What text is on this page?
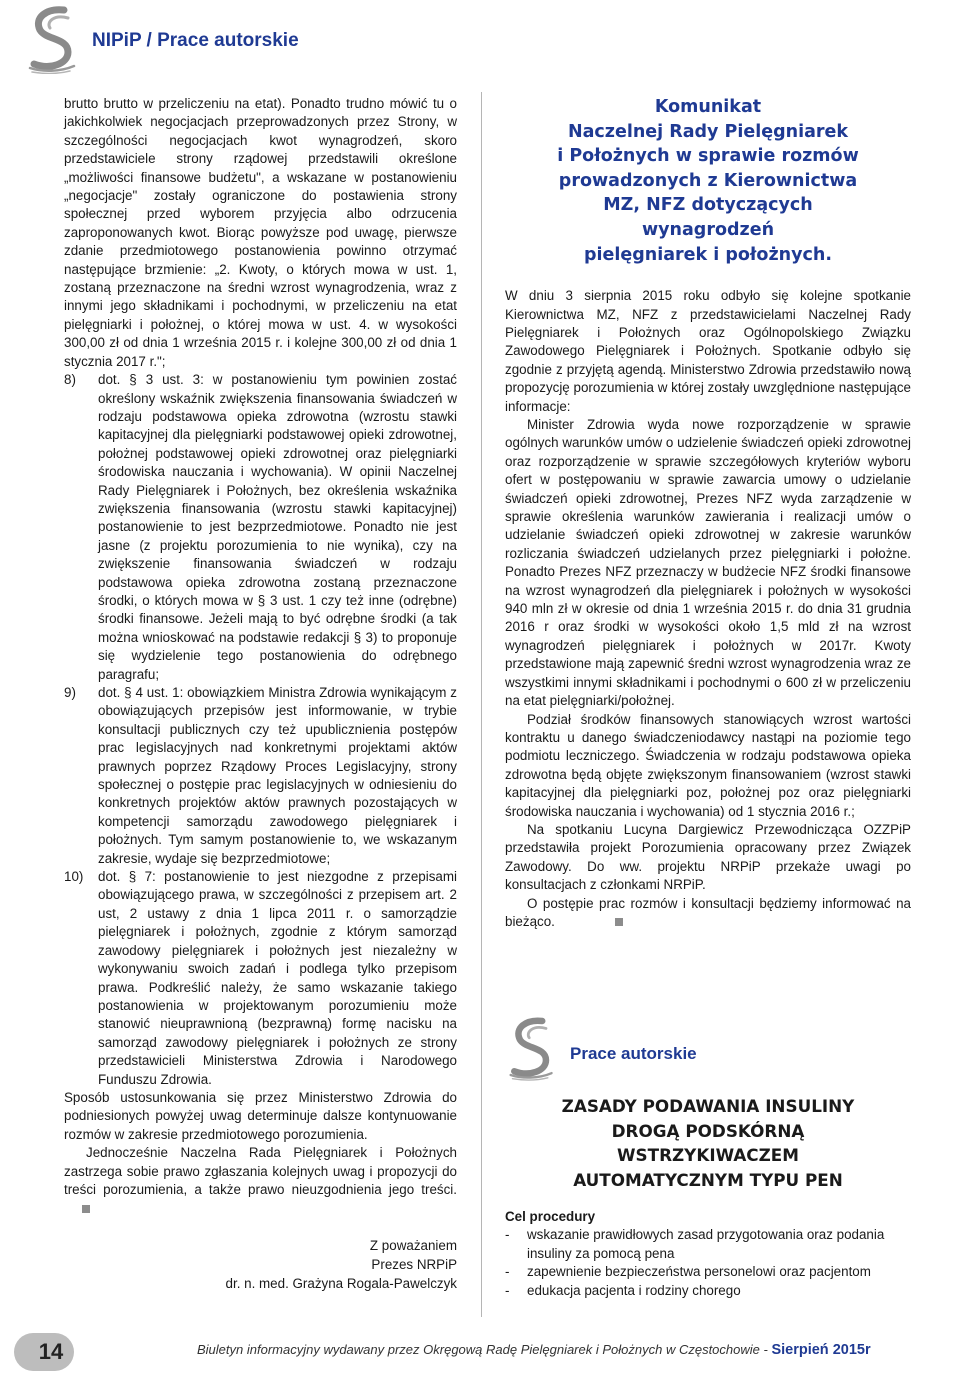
NIPiP / Prace autorskie

brutto brutto w przeliczeniu na etat). Ponadto trudno mówić tu o jakichkolwiek negocjacjach przeprowadzonych przez Strony, w szczególności negocjacjach kwot wynagrodzeń, skoro przedstawiciele strony rządowej przedstawili określone „możliwości finansowe budżetu", a wskazane w postanowieniu „negocjacje" zostały ograniczone do postawienia strony społecznej przed wyborem przyjęcia albo odrzucenia zaproponowanych kwot. Biorąc powyższe pod uwagę, pierwsze zdanie przedmiotowego postanowienia powinno otrzymać następujące brzmienie: „2. Kwoty, o których mowa w ust. 1, zostaną przeznaczone na średni wzrost wynagrodzenia, wraz z innymi jego składnikami i pochodnymi, w przeliczeniu na etat pielęgniarki i położnej, o której mowa w ust. 4. w wysokości 300,00 zł od dnia 1 września 2015 r. i kolejne 300,00 zł od dnia 1 stycznia 2017 r.";

8)	dot. § 3 ust. 3: w postanowieniu tym powinien zostać określony wskaźnik zwiększenia finansowania świadczeń w rodzaju podstawowa opieka zdrowotna (wzrostu stawki kapitacyjnej dla pielęgniarki podstawowej opieki zdrowotnej, położnej podstawowej opieki zdrowotnej oraz pielęgniarki środowiska nauczania i wychowania). W opinii Naczelnej Rady Pielęgniarek i Położnych, bez określenia wskaźnika zwiększenia finansowania (wzrostu stawki kapitacyjnej) postanowienie to jest bezprzedmiotowe. Ponadto nie jest jasne (z projektu porozumienia to nie wynika), czy na zwiększenie finansowania świadczeń w rodzaju podstawowa opieka zdrowotna zostaną przeznaczone środki, o których mowa w § 3 ust. 1 czy też inne (odrębne) środki finansowe. Jeżeli mają to być odrębne środki (a tak można wnioskować na podstawie redakcji § 3) to proponuje się wydzielenie tego postanowienia do odrębnego paragrafu;
9)	dot. § 4 ust. 1: obowiązkiem Ministra Zdrowia wynikającym z obowiązujących przepisów jest informowanie, w trybie konsultacji publicznych czy też upublicznienia postępów prac legislacyjnych nad konkretnymi projektami aktów prawnych poprzez Rządowy Proces Legislacyjny, strony społecznej o postępie prac legislacyjnych w odniesieniu do konkretnych projektów aktów prawnych pozostających w kompetencji samorządu zawodowego pielęgniarek i położnych. Tym samym postanowienie to, we wskazanym zakresie, wydaje się bezprzedmiotowe;
10)	dot. § 7: postanowienie to jest niezgodne z przepisami obowiązującego prawa, w szczególności z przepisem art. 2 ust, 2 ustawy z dnia 1 lipca 2011 r. o samorządzie pielęgniarek i położnych, zgodnie z którym samorząd zawodowy pielęgniarek i położnych jest niezależny w wykonywaniu swoich zadań i podlega tylko przepisom prawa. Podkreślić należy, że samo wskazanie takiego postanowienia w projektowanym porozumieniu może stanowić nieuprawnioną (bezprawną) formę nacisku na samorząd zawodowy pielęgniarek i położnych ze strony przedstawicieli Ministerstwa Zdrowia i Narodowego Funduszu Zdrowia.

Sposób ustosunkowania się przez Ministerstwo Zdrowia do podniesionych powyżej uwag determinuje dalsze kontynuowanie rozmów w zakresie przedmiotowego porozumienia.

Jednocześnie Naczelna Rada Pielęgniarek i Położnych zastrzega sobie prawo zgłaszania kolejnych uwag i propozycji do treści porozumienia, a także prawo nieuzgodnienia jego treści.

Z poważaniem
Prezes NRPiP
dr. n. med. Grażyna Rogala-Pawelczyk
Komunikat
Naczelnej Rady Pielęgniarek
i Położnych w sprawie rozmów
prowadzonych z Kierownictwa
MZ, NFZ dotyczących
wynagrodzeń
pielęgniarek i położnych.

W dniu 3 sierpnia 2015 roku odbyło się kolejne spotkanie Kierownictwa MZ, NFZ z przedstawicielami Naczelnej Rady Pielęgniarek i Położnych oraz Ogólnopolskiego Związku Zawodowego Pielęgniarek i Położnych. Spotkanie odbyło się zgodnie z przyjętą agendą. Ministerstwo Zdrowia przedstawiło nową propozycję porozumienia w której zostały uwzględnione następujące informacje:

Minister Zdrowia wyda nowe rozporządzenie w sprawie ogólnych warunków umów o udzielenie świadczeń opieki zdrowotnej oraz rozporządzenie w sprawie szczegółowych kryteriów wyboru ofert w postępowaniu w sprawie zawarcia umowy o udzielanie świadczeń opieki zdrowotnej, Prezes NFZ wyda zarządzenie w sprawie określenia warunków zawierania i realizacji umów o udzielanie świadczeń opieki zdrowotnej w zakresie warunków rozliczania świadczeń udzielanych przez pielęgniarki i położne. Ponadto Prezes NFZ przeznaczy w budżecie NFZ środki finansowe na wzrost wynagrodzeń dla pielęgniarek i położnych w wysokości 940 mln zł w okresie od dnia 1 września 2015 r. do dnia 31 grudnia 2016 r oraz środki w wysokości około 1,5 mld zł na wzrost wynagrodzeń pielęgniarek i położnych w 2017r. Kwoty przedstawione mają zapewnić średni wzrost wynagrodzenia wraz ze wszystkimi innymi składnikami i pochodnymi o 600 zł w przeliczeniu na etat pielęgniarki/położnej.

Podział środków finansowych stanowiących wzrost wartości kontraktu u danego świadczeniodawcy nastąpi na poziomie tego podmiotu leczniczego. Świadczenia w rodzaju podstawowa opieka zdrowotna będą objęte zwiększonym finansowaniem (wzrost stawki kapitacyjnej dla pielęgniarki poz, położnej poz oraz pielęgniarki środowiska nauczania i wychowania) od 1 stycznia 2016 r.;

Na spotkaniu Lucyna Dargiewicz Przewodnicząca OZZPiP przedstawiła projekt Porozumienia opracowany przez Związek Zawodowy. Do ww. projektu NRPiP przekaże uwagi po konsultacjach z członkami NRPiP.

O postępie prac rozmów i konsultacji będziemy informować na bieżąco.

Prace autorskie
ZASADY PODAWANIA INSULINY
DROGĄ PODSKÓRNĄ
WSTRZYKIWACZEM
AUTOMATYCZNYM TYPU PEN
Cel procedury
-	wskazanie prawidłowych zasad przygotowania oraz podania insuliny za pomocą pena
-	zapewnienie bezpieczeństwa personelowi oraz pacjentom
-	edukacja pacjenta i rodziny chorego
14	Biuletyn informacyjny wydawany przez Okręgową Radę Pielęgniarek i Położnych w Częstochowie - Sierpień 2015r
